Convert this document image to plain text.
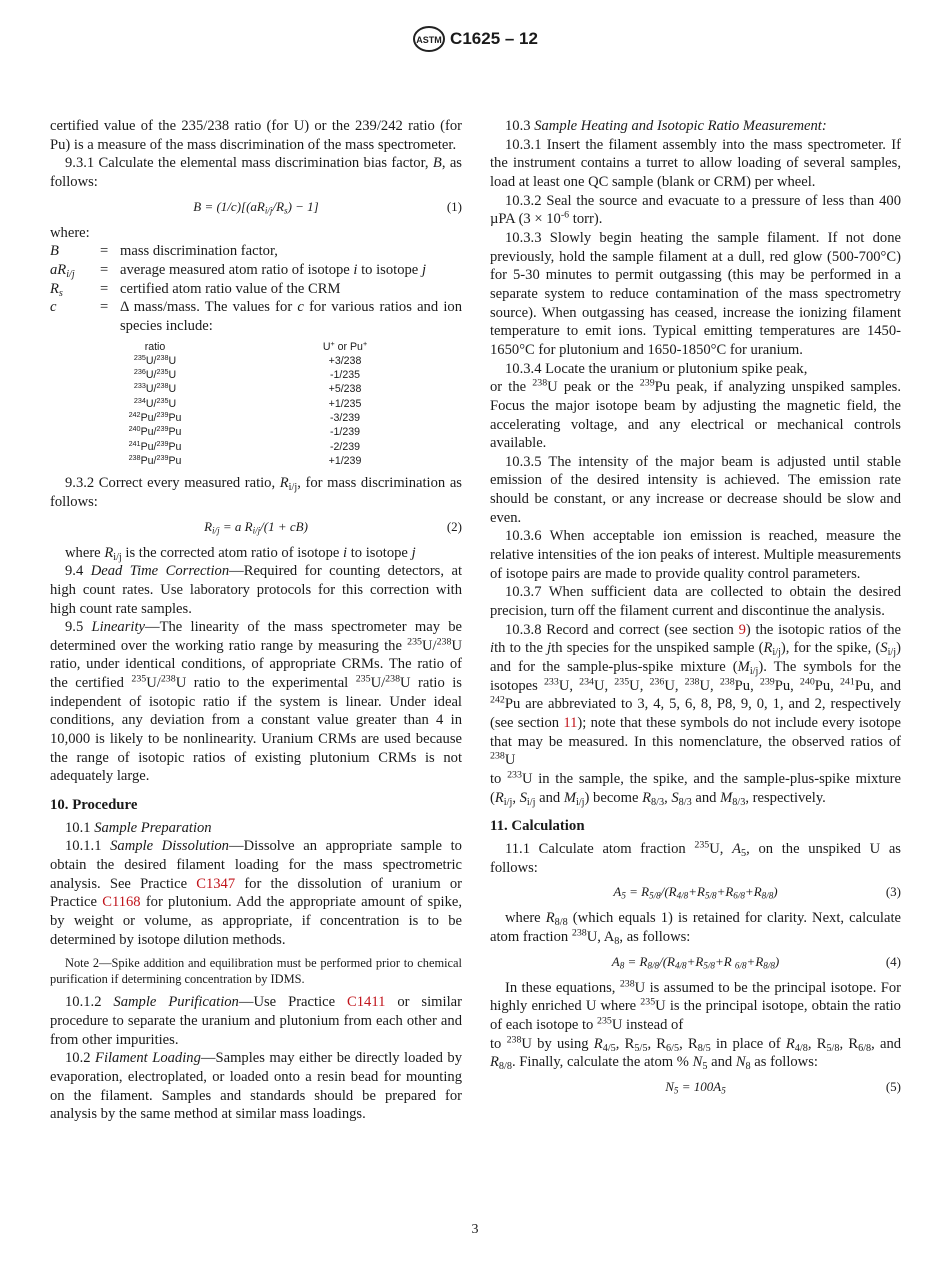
ASTM C1625 – 12
certified value of the 235/238 ratio (for U) or the 239/242 ratio (for Pu) is a measure of the mass discrimination of the mass spectrometer.
9.3.1 Calculate the elemental mass discrimination bias factor, B, as follows:
$B = (1/c)[(aR_{i/j}/R_s) - 1]$	(1)
where:
B	= mass discrimination factor,
$aR_{i/j}$	= average measured atom ratio of isotope i to isotope j
$R_s$	= certified atom ratio value of the CRM
c	= Δ mass/mass. The values for c for various ratios and ion species include:
ratio	U+ or Pu+
$^{235}$U/$^{238}$U	+3/238
$^{236}$U/$^{235}$U	-1/235
$^{233}$U/$^{238}$U	+5/238
$^{234}$U/$^{235}$U	+1/235
$^{242}$Pu/$^{239}$Pu	-3/239
$^{240}$Pu/$^{239}$Pu	-1/239
$^{241}$Pu/$^{239}$Pu	-2/239
$^{238}$Pu/$^{239}$Pu	+1/239
9.3.2 Correct every measured ratio, $R_{i/j}$, for mass discrimination as follows:
$R_{i/j} = a$ $R_{i/j}/(1 + cB)$	(2)
where $R_{i/j}$ is the corrected atom ratio of isotope i to isotope j
9.4 Dead Time Correction—Required for counting detectors, at high count rates. Use laboratory protocols for this correction with high count rate samples.
9.5 Linearity—The linearity of the mass spectrometer may be determined over the working ratio range by measuring the $^{235}$U/$^{238}$U ratio, under identical conditions, of appropriate CRMs. The ratio of the certified $^{235}$U/$^{238}$U ratio to the experimental $^{235}$U/$^{238}$U ratio is independent of isotopic ratio if the system is linear. Under ideal conditions, any deviation from a constant value greater than 4 in 10,000 is likely to be nonlinearity. Uranium CRMs are used because the range of isotopic ratios of existing plutonium CRMs is not adequately large.
10. Procedure
10.1 Sample Preparation
10.1.1 Sample Dissolution—Dissolve an appropriate sample to obtain the desired filament loading for the mass spectrometric analysis. See Practice C1347 for the dissolution of uranium or Practice C1168 for plutonium. Add the appropriate amount of spike, by weight or volume, as appropriate, if concentration is to be determined by isotope dilution methods.
Note 2—Spike addition and equilibration must be performed prior to chemical purification if determining concentration by IDMS.
10.1.2 Sample Purification—Use Practice C1411 or similar procedure to separate the uranium and plutonium from each other and from other impurities.
10.2 Filament Loading—Samples may either be directly loaded by evaporation, electroplated, or loaded onto a resin bead for mounting on the filament. Samples and standards should be prepared for analysis by the same method at similar mass loadings.
10.3 Sample Heating and Isotopic Ratio Measurement:
10.3.1 Insert the filament assembly into the mass spectrometer. If the instrument contains a turret to allow loading of several samples, load at least one QC sample (blank or CRM) per wheel.
10.3.2 Seal the source and evacuate to a pressure of less than 400 µPA ($3 \times 10^{-6}$ torr).
10.3.3 Slowly begin heating the sample filament. If not done previously, hold the sample filament at a dull, red glow (500-700°C) for 5-30 minutes to permit outgassing (this may be performed in a separate system to reduce contamination of the mass spectrometry source). When outgassing has ceased, increase the ionizing filament temperature to emit ions. Typical emitting temperatures are 1450-1650°C for plutonium and 1650-1850°C for uranium.
10.3.4 Locate the uranium or plutonium spike peak,
or the $^{238}$U peak or the $^{239}$Pu peak, if analyzing unspiked samples. Focus the major isotope beam by adjusting the magnetic field, the accelerating voltage, and any electrical or mechanical controls available.
10.3.5 The intensity of the major beam is adjusted until stable emission of the desired intensity is achieved. The emission rate should be constant, or any increase or decrease should be slow and even.
10.3.6 When acceptable ion emission is reached, measure the relative intensities of the ion peaks of interest. Multiple measurements of isotope pairs are made to provide quality control parameters.
10.3.7 When sufficient data are collected to obtain the desired precision, turn off the filament current and discontinue the analysis.
10.3.8 Record and correct (see section 9) the isotopic ratios of the ith to the jth species for the unspiked sample $(R_{i/j})$, for the spike, $(S_{i/j})$ and for the sample-plus-spike mixture $(M_{i/j})$. The symbols for the isotopes $^{233}$U, $^{234}$U, $^{235}$U, $^{236}$U, $^{238}$U, $^{238}$Pu, $^{239}$Pu, $^{240}$Pu, $^{241}$Pu, and $^{242}$Pu are abbreviated to 3, 4, 5, 6, 8, P8, 9, 0, 1, and 2, respectively (see section 11); note that these symbols do not include every isotope that may be measured. In this nomenclature, the observed ratios of $^{238}$U
to $^{233}$U in the sample, the spike, and the sample-plus-spike mixture ($R_{i/j}$, $S_{i/j}$ and $M_{i/j}$) become $R_{8/3}$, $S_{8/3}$ and $M_{8/3}$, respectively.
11. Calculation
11.1 Calculate atom fraction $^{235}$U, $A_5$, on the unspiked U as follows:
$A_5 = R_{5/8}/(R_{4/8}+R_{5/8}+R_{6/8}+R_{8/8})$	(3)
where $R_{8/8}$ (which equals 1) is retained for clarity. Next, calculate atom fraction $^{238}$U, $A_8$, as follows:
$A_8 = R_{8/8}/(R_{4/8}+R_{5/8}+R$ $_{6/8}+R_{8/8}$)	(4)
In these equations, $^{238}$U is assumed to be the principal isotope. For highly enriched U where $^{235}$U is the principal isotope, obtain the ratio of each isotope to $^{235}$U instead of
to $^{238}$U by using $R_{4/5}$, $R_{5/5}$, $R_{6/5}$, $R_{8/5}$ in place of $R_{4/8}$, $R_{5/8}$, $R_{6/8}$, and $R_{8/8}$. Finally, calculate the atom % $N_5$ and $N_8$ as follows:
$N_5 = 100A_5$	(5)
3
